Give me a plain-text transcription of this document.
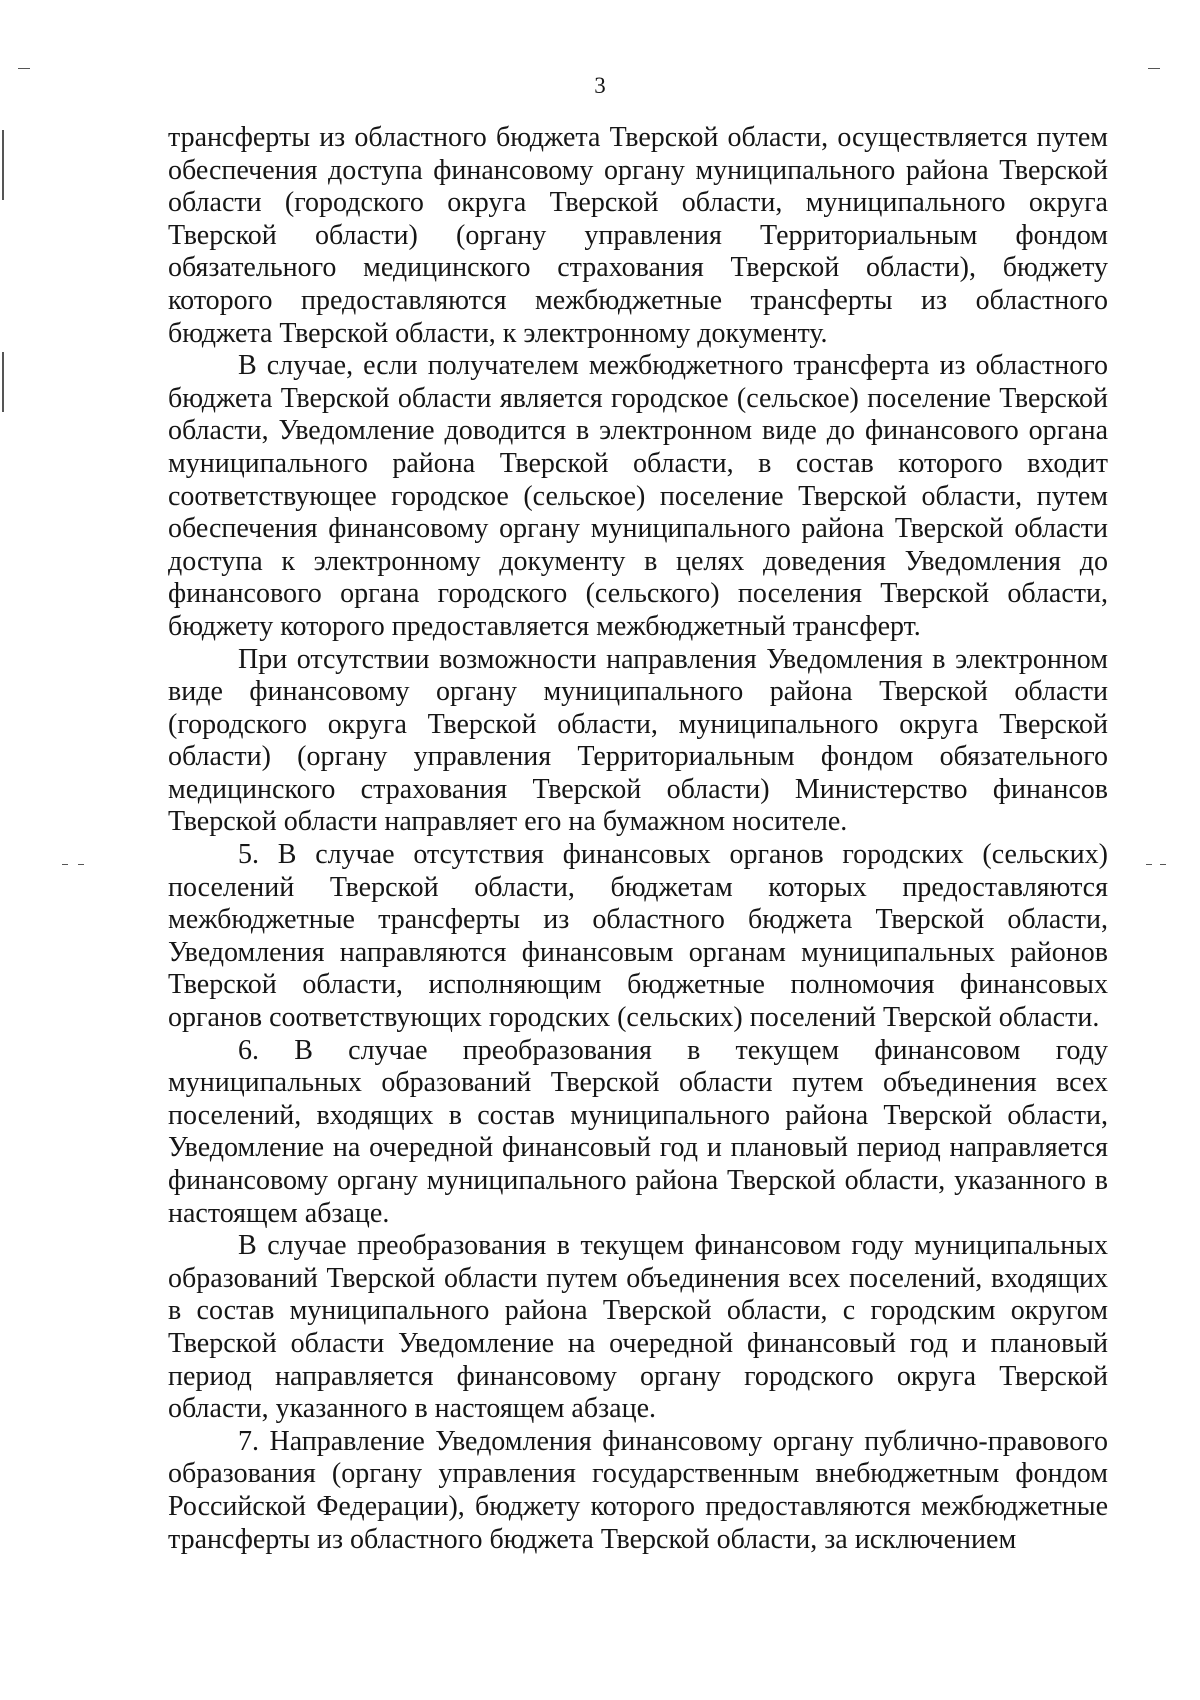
3

трансферты из областного бюджета Тверской области, осуществляется путем обеспечения доступа финансовому органу муниципального района Тверской области (городского округа Тверской области, муниципального округа Тверской области) (органу управления Территориальным фондом обязательного медицинского страхования Тверской области), бюджету которого предоставляются межбюджетные трансферты из областного бюджета Тверской области, к электронному документу.

В случае, если получателем межбюджетного трансферта из областного бюджета Тверской области является городское (сельское) поселение Тверской области, Уведомление доводится в электронном виде до финансового органа муниципального района Тверской области, в состав которого входит соответствующее городское (сельское) поселение Тверской области, путем обеспечения финансовому органу муниципального района Тверской области доступа к электронному документу в целях доведения Уведомления до финансового органа городского (сельского) поселения Тверской области, бюджету которого предоставляется межбюджетный трансферт.

При отсутствии возможности направления Уведомления в электронном виде финансовому органу муниципального района Тверской области (городского округа Тверской области, муниципального округа Тверской области) (органу управления Территориальным фондом обязательного медицинского страхования Тверской области) Министерство финансов Тверской области направляет его на бумажном носителе.

5. В случае отсутствия финансовых органов городских (сельских) поселений Тверской области, бюджетам которых предоставляются межбюджетные трансферты из областного бюджета Тверской области, Уведомления направляются финансовым органам муниципальных районов Тверской области, исполняющим бюджетные полномочия финансовых органов соответствующих городских (сельских) поселений Тверской области.

6. В случае преобразования в текущем финансовом году муниципальных образований Тверской области путем объединения всех поселений, входящих в состав муниципального района Тверской области, Уведомление на очередной финансовый год и плановый период направляется финансовому органу муниципального района Тверской области, указанного в настоящем абзаце.

В случае преобразования в текущем финансовом году муниципальных образований Тверской области путем объединения всех поселений, входящих в состав муниципального района Тверской области, с городским округом Тверской области Уведомление на очередной финансовый год и плановый период направляется финансовому органу городского округа Тверской области, указанного в настоящем абзаце.

7. Направление Уведомления финансовому органу публично-правового образования (органу управления государственным внебюджетным фондом Российской Федерации), бюджету которого предоставляются межбюджетные трансферты из областного бюджета Тверской области, за исключением
